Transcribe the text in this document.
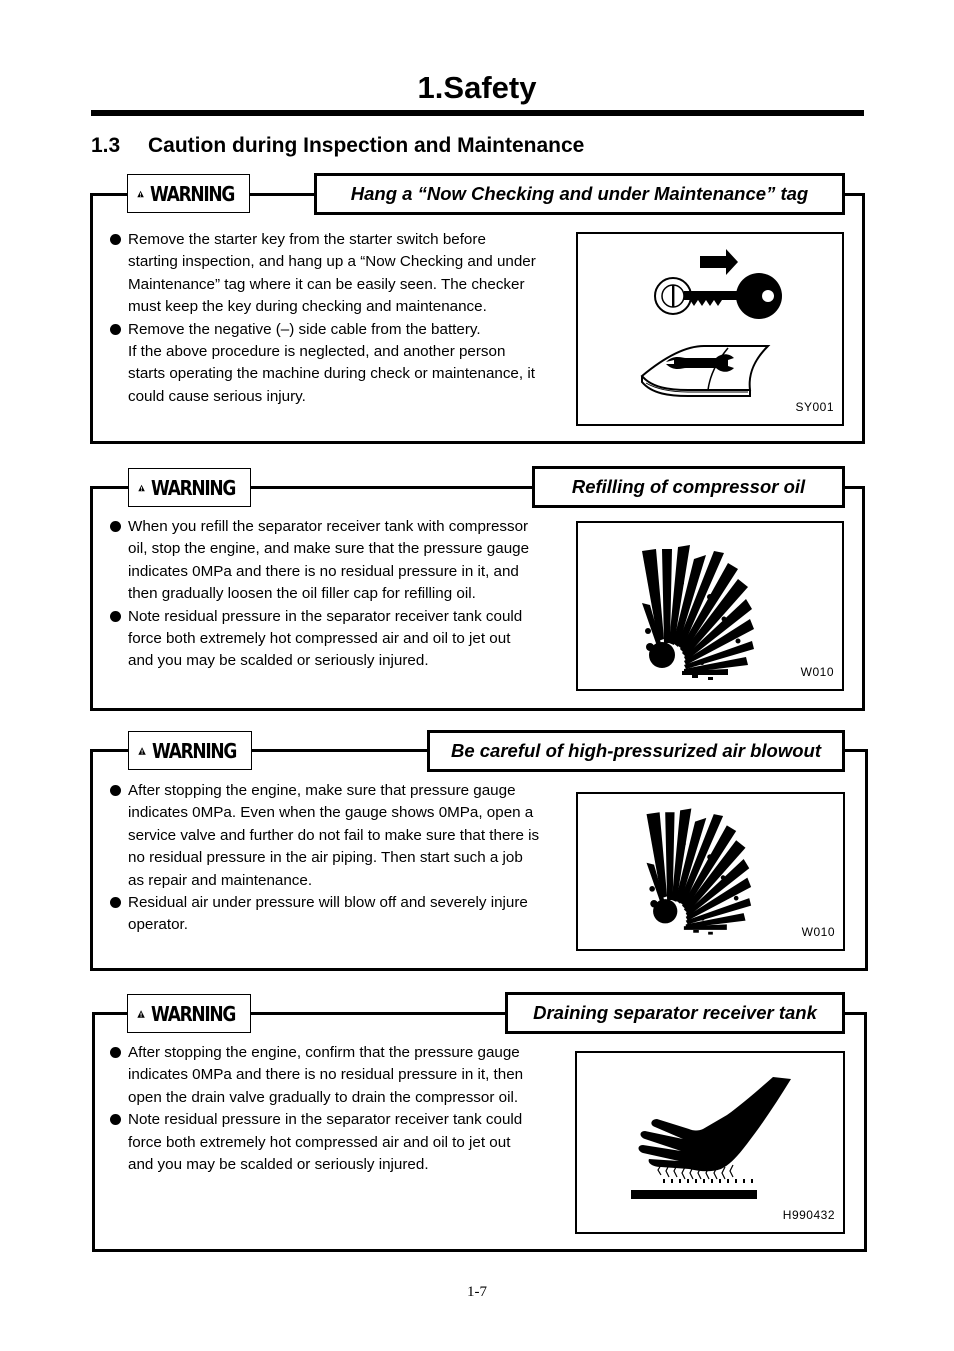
1.Safety
1.3 Caution during Inspection and Maintenance
WARNING	Hang a “Now Checking and under Maintenance” tag

Remove the starter key from the starter switch before

starting inspection, and hang up a “Now Checking and under

Maintenance” tag where it can be easily seen. The checker

must keep the key during checking and maintenance.

Remove the negative (–) side cable from the battery.

If the above procedure is neglected, and another person

starts operating the machine during check or maintenance, it

could cause serious injury.

SY001
WARNING	Refilling of compressor oil

When you refill the separator receiver tank with compressor

oil, stop the engine, and make sure that the pressure gauge

indicates 0MPa and there is no residual pressure in it, and

then gradually loosen the oil filler cap for refilling oil.

Note residual pressure in the separator receiver tank could

force both extremely hot compressed air and oil to jet out

and you may be scalded or seriously injured.

W010
WARNING	Be careful of high-pressurized air blowout

After stopping the engine, make sure that pressure gauge

indicates 0MPa. Even when the gauge shows 0MPa, open a

service valve and further do not fail to make sure that there is

no residual pressure in the air piping. Then start such a job

as repair and maintenance.

Residual air under pressure will blow off and severely injure

operator.	W010
WARNING	Draining separator receiver tank

After stopping the engine, confirm that the pressure gauge

indicates 0MPa and there is no residual pressure in it, then

open the drain valve gradually to drain the compressor oil.

Note residual pressure in the separator receiver tank could

force both extremely hot compressed air and oil to jet out

and you may be scalded or seriously injured.

H990432
1-7
